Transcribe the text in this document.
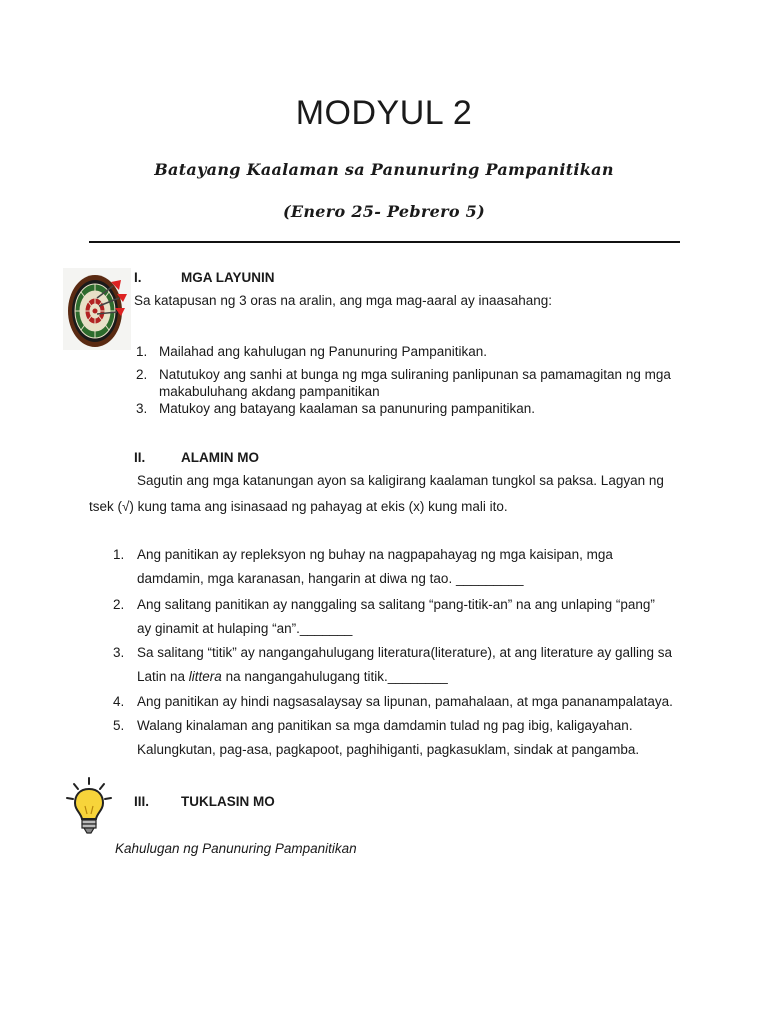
MODYUL 2
Batayang Kaalaman sa Panunuring Pampanitikan
(Enero 25- Pebrero 5)
I.	MGA LAYUNIN
Sa katapusan ng 3 oras na aralin, ang mga mag-aaral ay inaasahang:
1. Mailahad ang kahulugan ng Panunuring Pampanitikan.
2. Natutukoy ang sanhi at bunga ng mga suliraning panlipunan sa pamamagitan ng mga
makabuluhang akdang pampanitikan
3. Matukoy ang batayang kaalaman sa panunuring pampanitikan.
II.	ALAMIN MO
Sagutin ang mga katanungan ayon sa kaligirang kaalaman tungkol sa paksa. Lagyan ng
tsek (√) kung tama ang isinasaad ng pahayag at ekis (x) kung mali ito.
1. Ang panitikan ay repleksyon ng buhay na nagpapahayag ng mga kaisipan, mga
damdamin, mga karanasan, hangarin at diwa ng tao. _________
2. Ang salitang panitikan ay nanggaling sa salitang “pang-titik-an” na ang unlaping “pang”
ay ginamit at hulaping “an”._______
3. Sa salitang “titik” ay nangangahulugang literatura(literature), at ang literature ay galling sa
Latin na littera na nangangahulugang titik.________
4. Ang panitikan ay hindi nagsasalaysay sa lipunan, pamahalaan, at mga pananampalataya.
5. Walang kinalaman ang panitikan sa mga damdamin tulad ng pag ibig, kaligayahan.
Kalungkutan, pag-asa, pagkapoot, paghihiganti, pagkasuklam, sindak at pangamba.
III. TUKLASIN MO
Kahulugan ng Panunuring Pampanitikan
